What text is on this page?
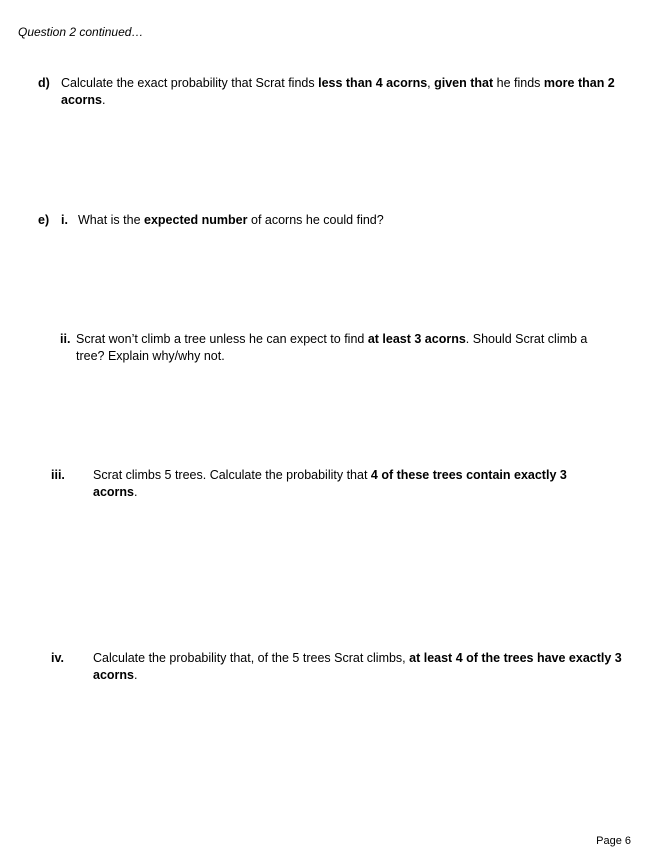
Question 2 continued…
d) Calculate the exact probability that Scrat finds less than 4 acorns, given that he finds more than 2 acorns.
e) i. What is the expected number of acorns he could find?
ii. Scrat won’t climb a tree unless he can expect to find at least 3 acorns. Should Scrat climb a tree? Explain why/why not.
iii. Scrat climbs 5 trees. Calculate the probability that 4 of these trees contain exactly 3 acorns.
iv. Calculate the probability that, of the 5 trees Scrat climbs, at least 4 of the trees have exactly 3 acorns.
Page 6
